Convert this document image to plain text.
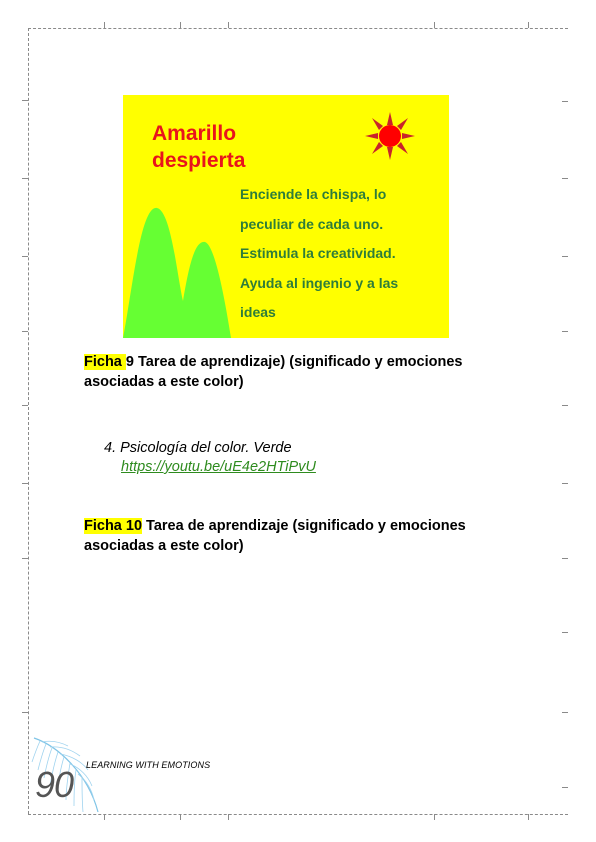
Amarillo
despierta
Enciende la chispa, lo
peculiar de cada uno.
Estimula la creatividad.
Ayuda al ingenio y a las
ideas
Ficha 9 Tarea de aprendizaje) (significado y emociones asociadas a este color)
4. Psicología del color. Verde
https://youtu.be/uE4e2HTiPvU
Ficha 10 Tarea de aprendizaje (significado y emociones asociadas a este color)
90 LEARNING WITH EMOTIONS
